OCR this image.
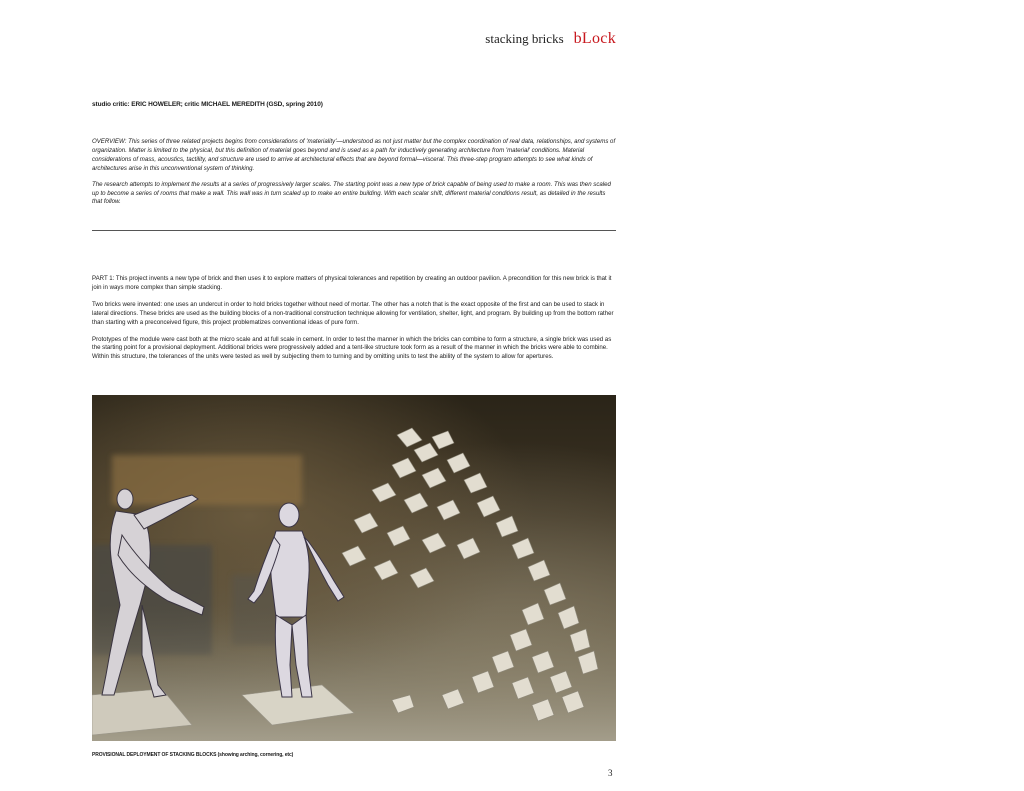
stacking bricks bLock
studio critic: ERIC HOWELER; critic MICHAEL MEREDITH (GSD, spring 2010)

OVERVIEW: This series of three related projects begins from considerations of 'materiality'—understood as not just matter but the complex coordination of real data, relationships, and systems of organization. Matter is limited to the physical, but this definition of material goes beyond and is used as a path for inductively generating architecture from 'material' conditions. Material considerations of mass, acoustics, tactility, and structure are used to arrive at architectural effects that are beyond formal—visceral. This three-step program attempts to see what kinds of architectures arise in this unconventional system of thinking.

The research attempts to implement the results at a series of progressively larger scales. The starting point was a new type of brick capable of being used to make a room. This was then scaled up to become a series of rooms that make a wall. This wall was in turn scaled up to make an entire building. With each scalar shift, different material conditions result, as detailed in the results that follow.

PART 1: This project invents a new type of brick and then uses it to explore matters of physical tolerances and repetition by creating an outdoor pavilion. A precondition for this new brick is that it join in ways more complex than simple stacking.

Two bricks were invented: one uses an undercut in order to hold bricks together without need of mortar. The other has a notch that is the exact opposite of the first and can be used to stack in lateral directions. These bricks are used as the building blocks of a non-traditional construction technique allowing for ventilation, shelter, light, and program. By building up from the bottom rather than starting with a preconceived figure, this project problematizes conventional ideas of pure form.

Prototypes of the module were cast both at the micro scale and at full scale in cement. In order to test the manner in which the bricks can combine to form a structure, a single brick was used as the starting point for a provisional deployment. Additional bricks were progressively added and a tent-like structure took form as a result of the manner in which the bricks were able to combine. Within this structure, the tolerances of the units were tested as well by subjecting them to turning and by omitting units to test the ability of the system to allow for apertures.

PROVISIONAL DEPLOYMENT OF STACKING BLOCKS (showing arching, cornering, etc)
3
